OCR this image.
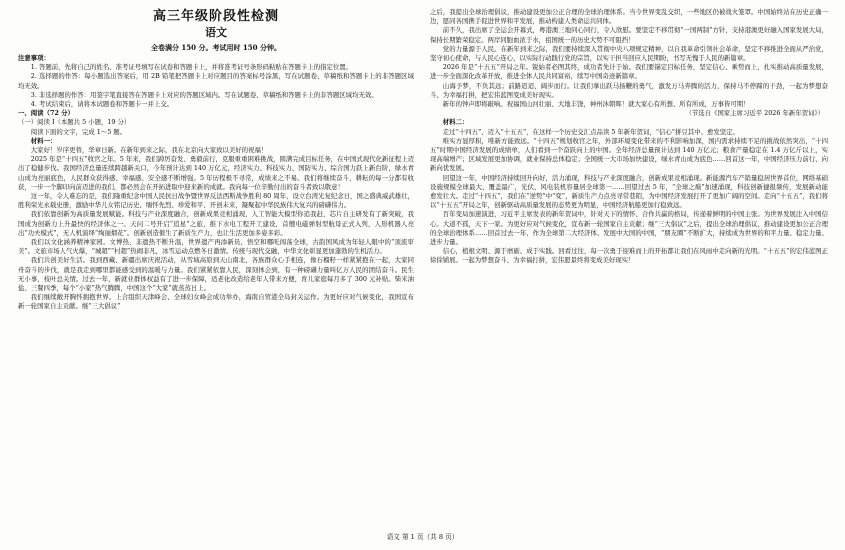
高三年级阶段性检测

语文

全卷满分 150 分。考试用时 150 分钟。

注意事项：

1. 答题前，先将自己的姓名、准考证号填写在试卷和答题卡上，并将准考证号条形码粘贴在答题卡上的指定位置。

2. 选择题的作答：每小题选出答案后，用 2B 铅笔把答题卡上对应题目的答案标号涂黑，写在试题卷、草稿纸和答题卡上的非答题区域均无效。

3. 非选择题的作答：用签字笔直接答在答题卡上对应的答题区域内。写在试题卷、草稿纸和答题卡上的非答题区域均无效。

4. 考试结束后，请将本试题卷和答题卡一并上交。

一、阅读（72 分）

（一）阅读 I（本题共 5 小题，19 分）

阅读下面的文字，完成 1～5 题。

材料一：

大家好！岁序更替，华章日新。在新年到来之际，我在北京向大家致以美好的祝福！

2025 年是“十四五”收官之年。5 年来，我们踔厉奋发、勇毅前行，克服重重困难挑战，圆满完成目标任务，在中国式现代化新征程上迈出了稳健步伐。我国经济总量连续跨越新关口，今年预计达到 140 万亿元，经济实力、科技实力、国防实力、综合国力跃上新台阶，绿水青山成为亮丽底色，人民群众获得感、幸福感、安全感不断增强。5 年历程极不寻常，成绩来之不易。我们将继续奋斗，耕耘的每一分都有收获，一步一个脚印向前迈进的我们，都必然会在开拓进取中迎来新的成就。我向每一位辛勤付出的奋斗者致以敬意！

这一年，令人难忘的是，我们隆重纪念中国人民抗日战争暨世界反法西斯战争胜利 80 周年，设立台湾光复纪念日，国之盛典威武雄壮，胜利荣光永载史册，激励中华儿女铭记历史、缅怀先烈、珍爱和平、开创未来，凝聚起中华民族伟大复兴的磅礴伟力。

我们依靠创新为高质量发展赋能。科技与产业深度融合，创新成果竞相涌现，人工智能大模型你追我赶，芯片自主研发有了新突破，我国成为创新力上升最快的经济体之一。天问二号开启“追星”之旅，推下水电工程开工建设，首艘电磁弹射型航母正式入列，人形机器人亮出“功夫模式”，无人机演绎“绚丽烟花”。创新创造催生了新质生产力，也让生活更加多姿多彩。

我们以文化涵养精神家园。文博热、非遗热不断升温，世界遗产再添新员，悟空和哪吒闯荡全球，古韵国风成为年轻人眼中的“顶流审美”。文旅市场人气火爆，“城超”“村超”热闹非凡，冰雪运动点燃冬日激情。传统与现代交融，中华文化彰显更加蓬勃的生机活力。

我们共创美好生活。我到西藏、新疆出席庆祝活动，从雪域高原到天山南北，各族群众心手相连，像石榴籽一样紧紧抱在一起，大家同舟奋斗的步伐，就是我走到哪里都能感受到的温暖与力量。我们紧紧依靠人民，深刻体会到，有一种磅礴力量叫亿万人民的团结奋斗。民生无小事，枝叶总关情。过去一年，新就业群体权益有了进一步保障，适老化改造给老年人带来方便，育儿家庭每月多了 300 元补贴。柴米油盐、三餐四季，每个“小家”热气腾腾，中国这个“大家”就蒸蒸日上。

我们继续敞开胸怀拥抱世界。上合组织天津峰会、全球妇女峰会成功举办，海南自贸港全岛封关运作。为更好应对气候变化，我国宣布新一轮国家自主贡献。继“三大倡议”

之后，我提出全球治理倡议，推动建设更加公正合理的全球治理体系。当今世界变乱交织，一些地区仍被战火笼罩。中国始终站在历史正确一边，愿同各国携手促进世界和平发展，推动构建人类命运共同体。

前不久，我出席了全运会开幕式，粤港澳三地同心同行，令人欣慰。要坚定不移贯彻“一国两制”方针，支持港澳更好融入国家发展大局，保持长期繁荣稳定。两岸同胞血浓于水，祖国统一的历史大势不可阻挡！

党的力量源于人民。在新年到来之际，我们要持续深入贯彻中央八项规定精神，以自我革命引领社会革命，坚定不移推进全面从严治党，坚守初心使命，与人民心连心，以实际行动践行党的宗旨，以实干担当回应人民期盼，书写无愧于人民的新篇章。

2026 年是“十五五”开局之年。锐始者必图其终，成功者先计于始。我们要锚定目标任务，坚定信心、乘势而上，扎实推动高质量发展，进一步全面深化改革开放，推进全体人民共同富裕，续写中国奇迹新篇章。

山海予梦，不负其远；前路迢迢，阔步而行。让我们拿出跃马扬鞭的勇气，激发万马奔腾的活力，保持马不停蹄的干劲，一起为梦想奋斗、为幸福打拼，把宏伟蓝图变成美好现实。

新年的钟声即将敲响。祝福国山河壮丽、大地丰饶，神州沐朝晖！就大家心有所想、所有所成，万事皆可期！

（节选自《国家主席习近平 2026 年新年贺词》）

材料二：

走过“十四五”、迈入“十五五”，在这样一个历史交汇点品读 5 年新年贺词，“信心”拼豆其中、愈发坚定。

唯实方显厚积，唯新方能致远。“十四五”规划收官之年，外部环境变化带来的不利影响加深，国内需求持续不足的挑战依然突出，“十四五”时期中国经济发展的成绩单，人们看到一个奋跃向上的中国。全年经济总量预计达到 140 万亿元；粮食产量稳定在 1.4 万亿斤以上，实现高端增产；区域发展更加协调，就业保持总体稳定；全国统一大市场加快建设，绿水青山成为底色……回首这一年，中国经济压力前行、向新向优发展。

回望这一年，中国经济持续回升向好，活力涌现，科技与产业深度融合，创新成果竞相涌现。新能源汽车产销量稳居世界首位，网络基础设施规模全球最大、覆盖最广，光伏、风电装机容量居全球第一……回望过去 5 年，“全球之巅”加速涌现，科技创新捷报频传，发展新动能愈发壮大。走过“十四五”，我们在“逆势”中“变”，新质生产力点亮寻常巷陌，为中国经济发展打开了更加广阔的空间。走向“十五五”，我们将以“十五五”开局之年，创新驱动高质量发展的态势更为明显，中国经济航船更加行稳致远。

百年变局加速演进，习近平主席发表的新年贺词中，针对天下的情怀、合作共赢的格局，传递着鲜明的中国主张。为世界发展注入中国信心。大道不孤，天下一家。为更好应对气候变化，宣布新一轮国家自主贡献；继“三大倡议”之后，提出全球治理倡议，推动建设更加公正合理的全球治理体系……回首过去一年，作为全球第二大经济体、发展中大国的中国，“朋友圈”不断扩大，持续成为世界的和平力量、稳定力量、进步力量。

信心，植根文明、源于磨砺、成于实践。回看过往，每一次勇于迎难而上的开拓都让我们在风雨中走向新的光明。“十五五”的宏伟蓝图正徐徐铺展。一起为梦想奋斗、为幸福打拼，宏伟愿景终将变成美好现实！

语文 第 1 页（共 8 页）
